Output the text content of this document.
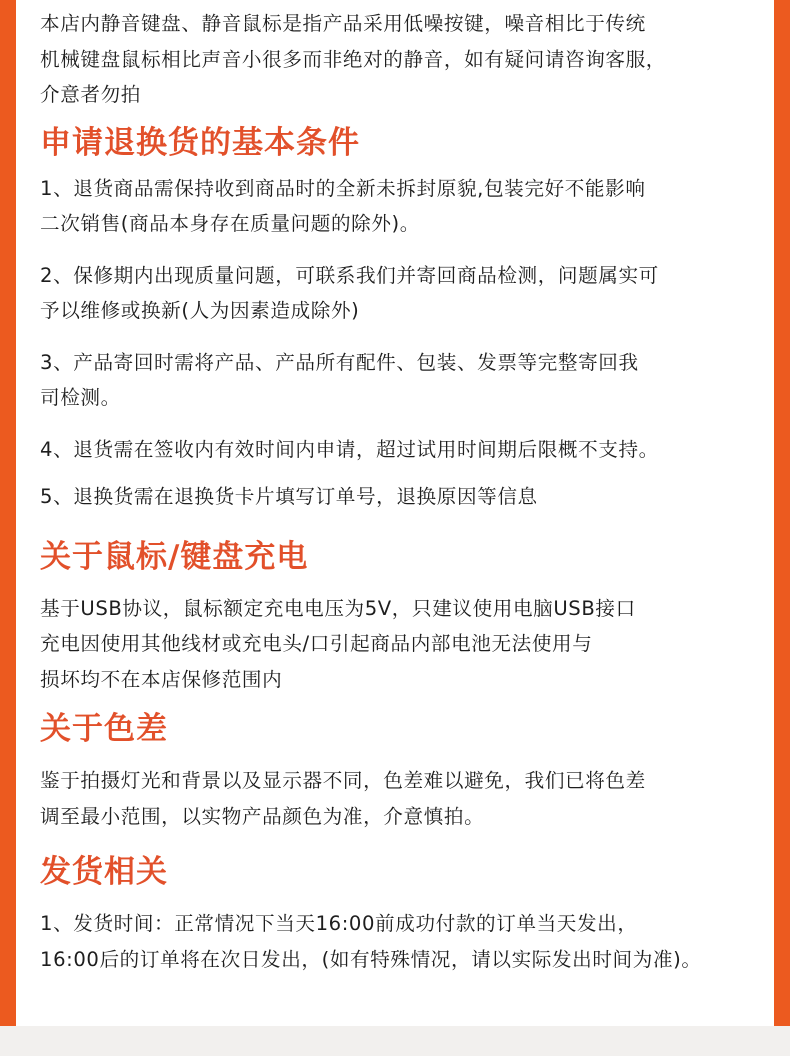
本店内静音键盘、静音鼠标是指产品采用低噪按键，噪音相比于传统

机械键盘鼠标相比声音小很多而非绝对的静音，如有疑问请咨询客服，

介意者勿拍

申请退换货的基本条件

1、退货商品需保持收到商品时的全新未拆封原貌,包装完好不能影响

二次销售(商品本身存在质量问题的除外)。

2、保修期内出现质量问题，可联系我们并寄回商品检测，问题属实可

予以维修或换新(人为因素造成除外)

3、产品寄回时需将产品、产品所有配件、包装、发票等完整寄回我

司检测。

4、退货需在签收内有效时间内申请，超过试用时间期后限概不支持。

5、退换货需在退换货卡片填写订单号，退换原因等信息

关于鼠标/键盘充电

基于USB协议，鼠标额定充电电压为5V，只建议使用电脑USB接口

充电因使用其他线材或充电头/口引起商品内部电池无法使用与

损坏均不在本店保修范围内

关于色差

鉴于拍摄灯光和背景以及显示器不同，色差难以避免，我们已将色差

调至最小范围，以实物产品颜色为准，介意慎拍。

发货相关

1、发货时间：正常情况下当天16:00前成功付款的订单当天发出，

16:00后的订单将在次日发出，(如有特殊情况，请以实际发出时间为准)。
